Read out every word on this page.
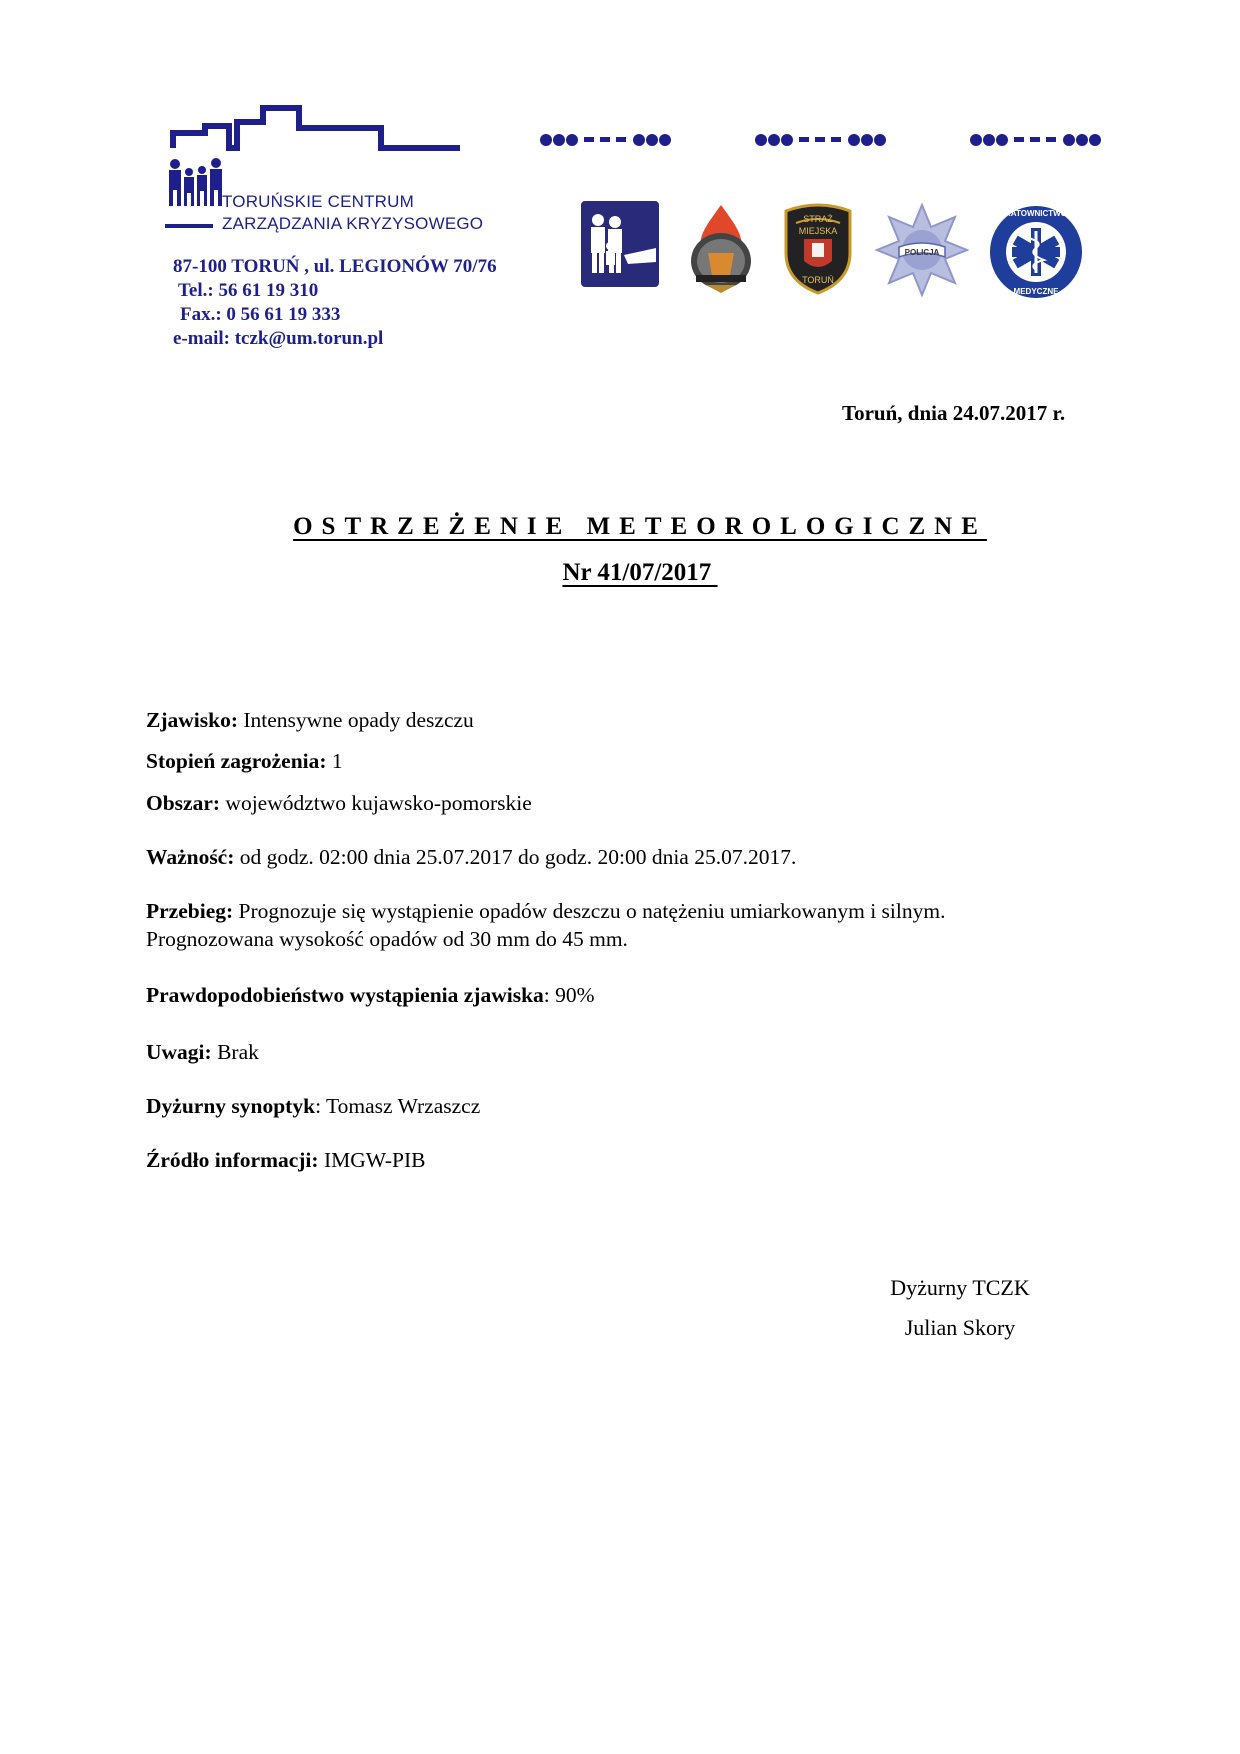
TORUŃSKIE CENTRUM
ZARZĄDZANIA KRYZYSOWEGO
87-100 TORUŃ , ul. LEGIONÓW 70/76
Tel.: 56 61 19 310
Fax.: 0 56 61 19 333
e-mail: tczk@um.torun.pl
STRAŻ
MIEJSKA
TORUŃ
POLICJA
RATOWNICTWO
MEDYCZNE
Toruń, dnia 24.07.2017 r.
OSTRZEŻENIE METEOROLOGICZNE
Nr 41/07/2017
Zjawisko: Intensywne opady deszczu
Stopień zagrożenia: 1
Obszar: województwo kujawsko-pomorskie
Ważność: od godz. 02:00 dnia 25.07.2017 do godz. 20:00 dnia 25.07.2017.
Przebieg: Prognozuje się wystąpienie opadów deszczu o natężeniu umiarkowanym i silnym.
Prognozowana wysokość opadów od 30 mm do 45 mm.
Prawdopodobieństwo wystąpienia zjawiska: 90%
Uwagi: Brak
Dyżurny synoptyk: Tomasz Wrzaszcz
Źródło informacji: IMGW-PIB
Dyżurny TCZK
Julian Skory
